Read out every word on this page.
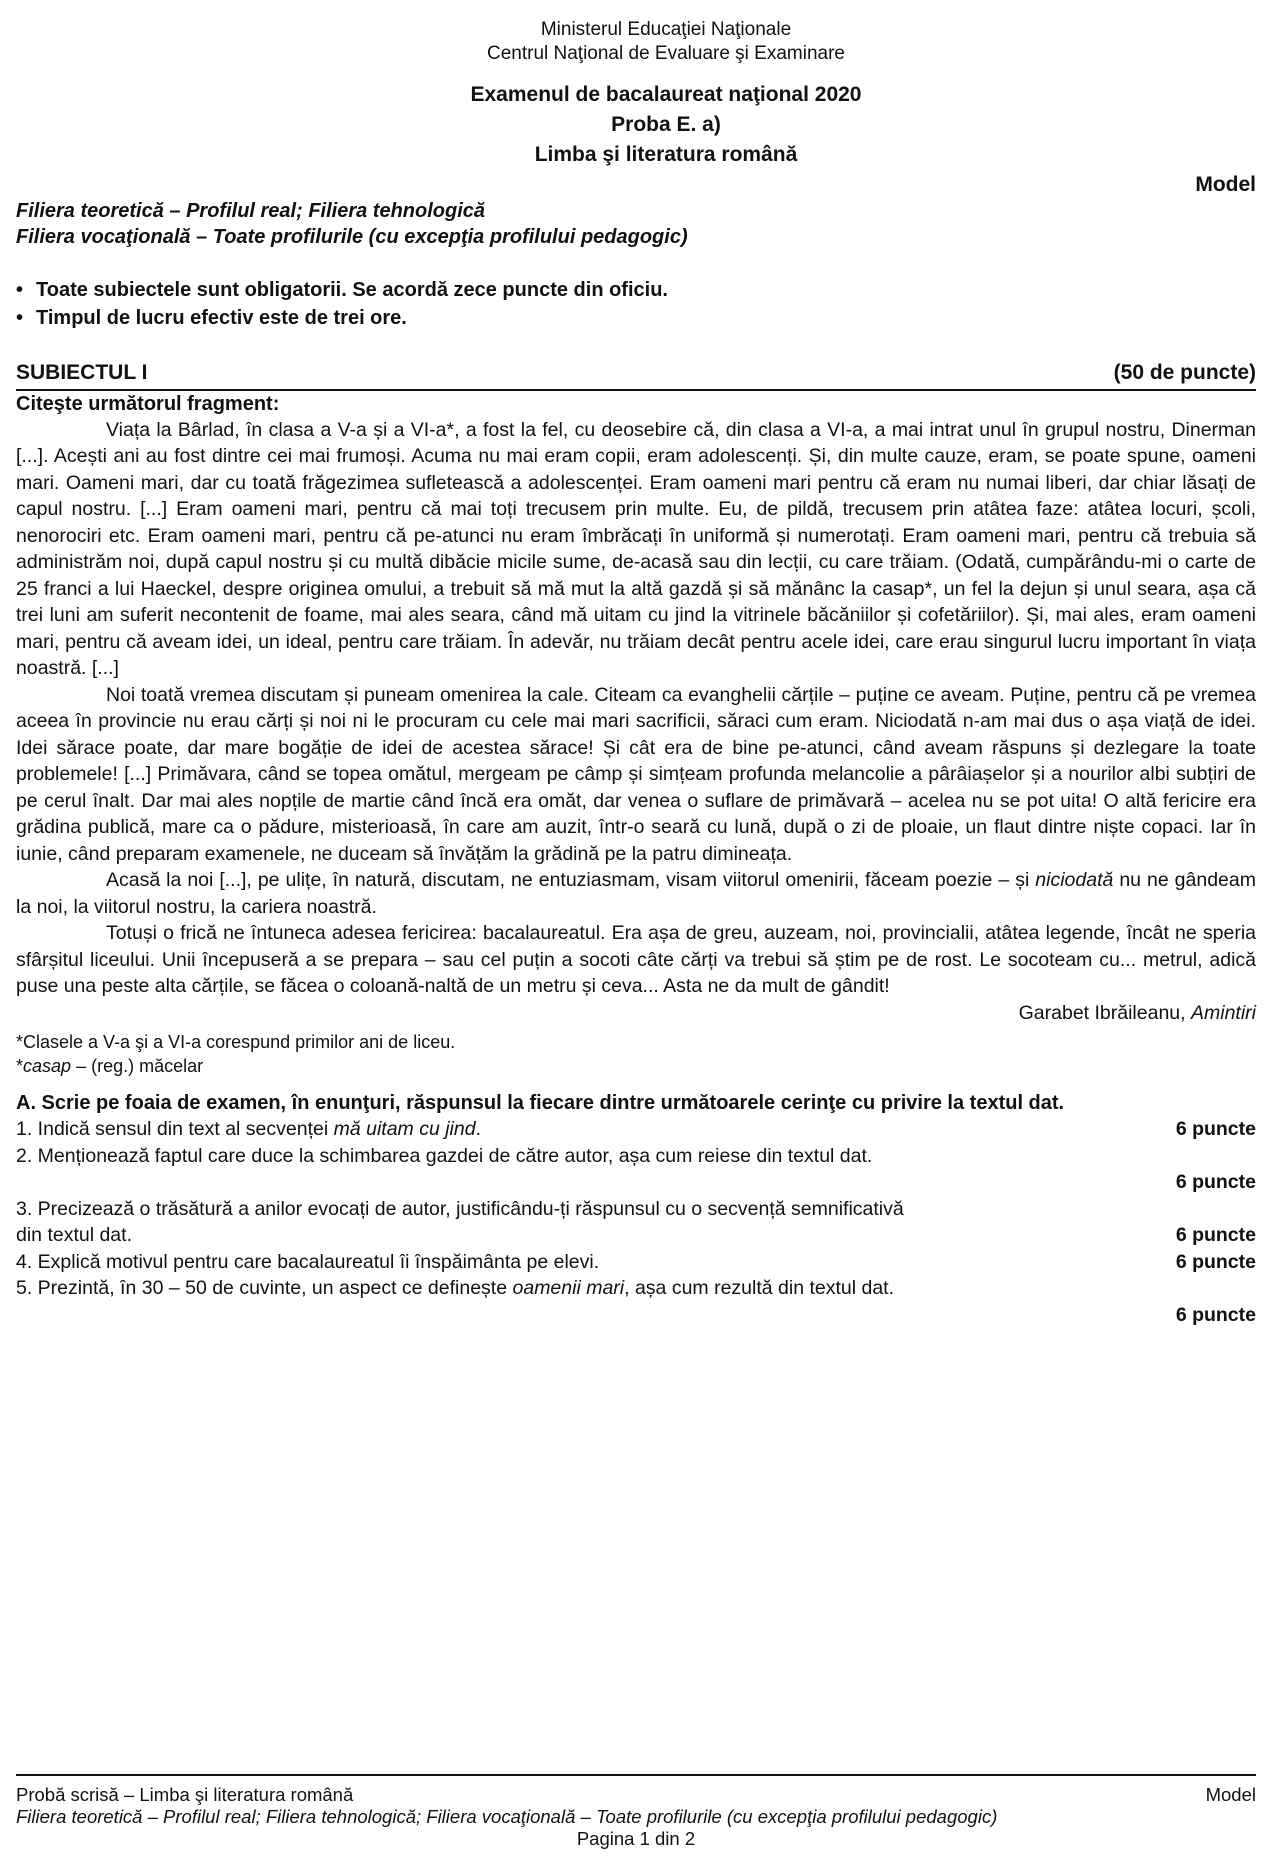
Ministerul Educaţiei Naţionale
Centrul Naţional de Evaluare şi Examinare
Examenul de bacalaureat naţional 2020
Proba E. a)
Limba şi literatura română
Model
Filiera teoretică – Profilul real; Filiera tehnologică
Filiera vocaţională – Toate profilurile (cu excepţia profilului pedagogic)
• Toate subiectele sunt obligatorii. Se acordă zece puncte din oficiu.
• Timpul de lucru efectiv este de trei ore.
SUBIECTUL I	(50 de puncte)
Citeşte următorul fragment:

Viața la Bârlad, în clasa a V-a și a VI-a*, a fost la fel, cu deosebire că, din clasa a VI-a, a mai intrat unul în grupul nostru, Dinerman [...]. Acești ani au fost dintre cei mai frumoși. Acuma nu mai eram copii, eram adolescenți. Și, din multe cauze, eram, se poate spune, oameni mari. Oameni mari, dar cu toată frăgezimea sufletească a adolescenței. Eram oameni mari pentru că eram nu numai liberi, dar chiar lăsați de capul nostru. [...] Eram oameni mari, pentru că mai toți trecusem prin multe. Eu, de pildă, trecusem prin atâtea faze: atâtea locuri, școli, nenorociri etc. Eram oameni mari, pentru că pe-atunci nu eram îmbrăcați în uniformă și numerotați. Eram oameni mari, pentru că trebuia să administrăm noi, după capul nostru și cu multă dibăcie micile sume, de-acasă sau din lecții, cu care trăiam. (Odată, cumpărându-mi o carte de 25 franci a lui Haeckel, despre originea omului, a trebuit să mă mut la altă gazdă și să mănânc la casap*, un fel la dejun și unul seara, așa că trei luni am suferit necontenit de foame, mai ales seara, când mă uitam cu jind la vitrinele băcăniilor și cofetăriilor). Și, mai ales, eram oameni mari, pentru că aveam idei, un ideal, pentru care trăiam. În adevăr, nu trăiam decât pentru acele idei, care erau singurul lucru important în viața noastră. [...]

Noi toată vremea discutam și puneam omenirea la cale. Citeam ca evanghelii cărțile – puține ce aveam. Puține, pentru că pe vremea aceea în provincie nu erau cărți și noi ni le procuram cu cele mai mari sacrificii, săraci cum eram. Niciodată n-am mai dus o așa viață de idei. Idei sărace poate, dar mare bogăție de idei de acestea sărace! Și cât era de bine pe-atunci, când aveam răspuns și dezlegare la toate problemele! [...] Primăvara, când se topea omătul, mergeam pe câmp și simțeam profunda melancolie a pârâiașelor și a nourilor albi subțiri de pe cerul înalt. Dar mai ales nopțile de martie când încă era omăt, dar venea o suflare de primăvară – acelea nu se pot uita! O altă fericire era grădina publică, mare ca o pădure, misterioasă, în care am auzit, într-o seară cu lună, după o zi de ploaie, un flaut dintre niște copaci. Iar în iunie, când preparam examenele, ne duceam să învățăm la grădină pe la patru dimineața.

Acasă la noi [...], pe ulițe, în natură, discutam, ne entuziasmam, visam viitorul omenirii, făceam poezie – și niciodată nu ne gândeam la noi, la viitorul nostru, la cariera noastră.

Totuși o frică ne întuneca adesea fericirea: bacalaureatul. Era așa de greu, auzeam, noi, provincialii, atâtea legende, încât ne speria sfârșitul liceului. Unii începuseră a se prepara – sau cel puțin a socoti câte cărți va trebui să știm pe de rost. Le socoteam cu... metrul, adică puse una peste alta cărțile, se făcea o coloană-naltă de un metru și ceva... Asta ne da mult de gândit!

Garabet Ibrăileanu, Amintiri
*Clasele a V-a şi a VI-a corespund primilor ani de liceu.
*casap – (reg.) măcelar
A. Scrie pe foaia de examen, în enunţuri, răspunsul la fiecare dintre următoarele cerinţe cu privire la textul dat.
1. Indică sensul din text al secvenței mă uitam cu jind.	6 puncte
2. Menționează faptul care duce la schimbarea gazdei de către autor, așa cum reiese din textul dat.
6 puncte
3. Precizează o trăsătură a anilor evocați de autor, justificându-ți răspunsul cu o secvență semnificativă
din textul dat.	6 puncte
4. Explică motivul pentru care bacalaureatul îi înspăimânta pe elevi.	6 puncte
5. Prezintă, în 30 – 50 de cuvinte, un aspect ce definește oamenii mari, așa cum rezultă din textul dat.
6 puncte
Probă scrisă – Limba şi literatura română	Model
Filiera teoretică – Profilul real; Filiera tehnologică; Filiera vocaţională – Toate profilurile (cu excepţia profilului pedagogic)
Pagina 1 din 2
